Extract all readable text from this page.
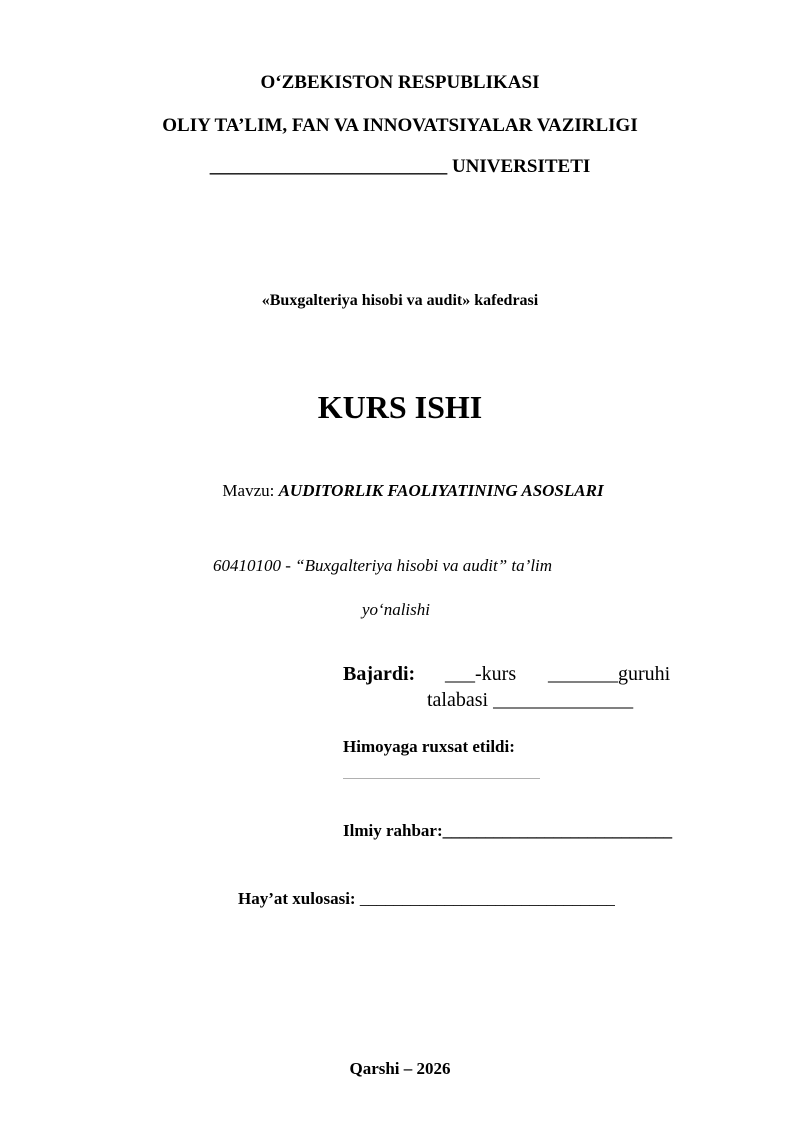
O‘ZBEKISTON RESPUBLIKASI
OLIY TA’LIM, FAN VA INNOVATSIYALAR VAZIRLIGI
_________________________ UNIVERSITETI
«Buxgalteriya hisobi va audit» kafedrasi
KURS ISHI
Mavzu: AUDITORLIK FAOLIYATINING ASOSLARI
60410100 - “Buxgalteriya hisobi va audit” ta’lim
yo‘nalishi
Bajardi: ___-kurs _______guruhi
talabasi ______________
Himoyaga ruxsat etildi:
Ilmiy rahbar:___________________________
Hay’at xulosasi: ______________________________
Qarshi – 2026
